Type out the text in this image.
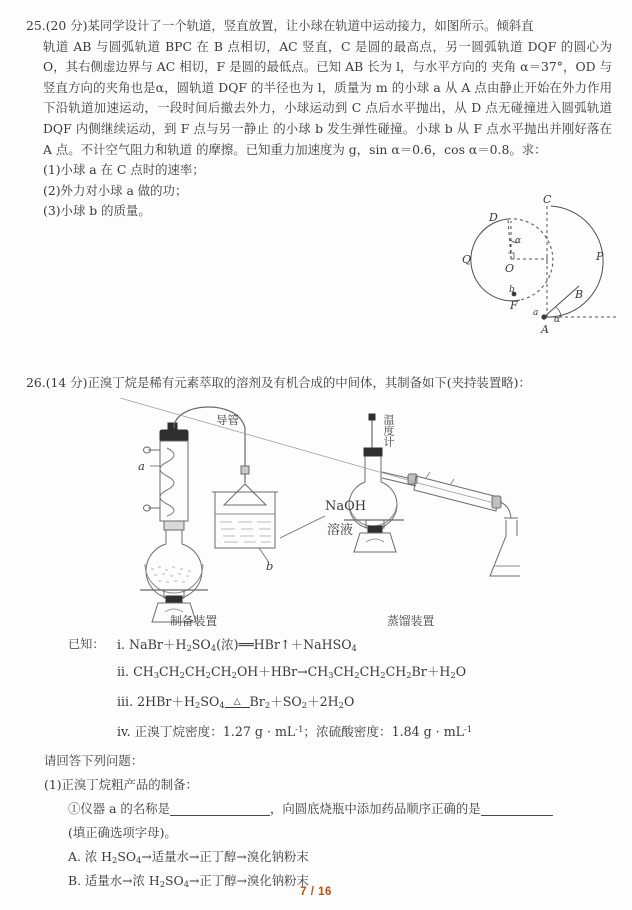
25.(20 分)某同学设计了一个轨道，竖直放置，让小球在轨道中运动接力，如图所示。倾斜直
轨道 AB 与圆弧轨道 BPC 在 B 点相切，AC 竖直，C 是圆的最高点，另一圆弧轨道 DQF 的圆心为O，其右侧虚边界与 AC 相切，F 是圆的最低点。已知 AB 长为 l，与水平方向的 夹角 α＝37°，OD 与竖直方向的夹角也是α，圆轨道 DQF 的半径也为 l，质量为 m 的小球 a 从 A 点由静止开始在外力作用下沿轨道加速运动，一段时间后撤去外力，小球运动到 C 点后水平抛出，从 D 点无碰撞进入圆弧轨道 DQF 内侧继续运动，到 F 点与另一静止 的小球 b 发生弹性碰撞。小球 b 从 F 点水平抛出并刚好落在 A 点。不计空气阻力和轨道 的摩擦。已知重力加速度为 g，sin α＝0.6，cos α＝0.8。求：
(1)小球 a 在 C 点时的速率；
(2)外力对小球 a 做的功；
(3)小球 b 的质量。
C
D
Q
O
P
B
A
F
b
a
α
α
26.(14 分)正溴丁烷是稀有元素萃取的溶剂及有机合成的中间体，其制备如下(夹持装置略)：
导管
NaOH
溶液
a
b
温度计
制备装置	蒸馏装置
已知： i. $NaBr+H_2SO_4$(浓)══HBr↑＋NaHSO$_4$
ii. $CH_3CH_2CH_2CH_2OH+HBr\to CH_3CH_2CH_2CH_2Br+H_2O$
iii. $2HBr+H_2SO_4$ △ $Br_2+SO_2+2H_2O$
iv. 正溴丁烷密度：1.27 $g \cdot mL^{-1}$；浓硫酸密度：1.84 $g \cdot mL^{-1}$
请回答下列问题：
(1)正溴丁烷粗产品的制备：
①仪器 a 的名称是	，向圆底烧瓶中添加药品顺序正确的是
(填正确选项字母)。
A. 浓 $H_2SO_4\to$适量水→正丁醇→溴化钠粉末
B. 适量水→浓 $H_2SO_4\to$正丁醇→溴化钠粉末
7 / 16
